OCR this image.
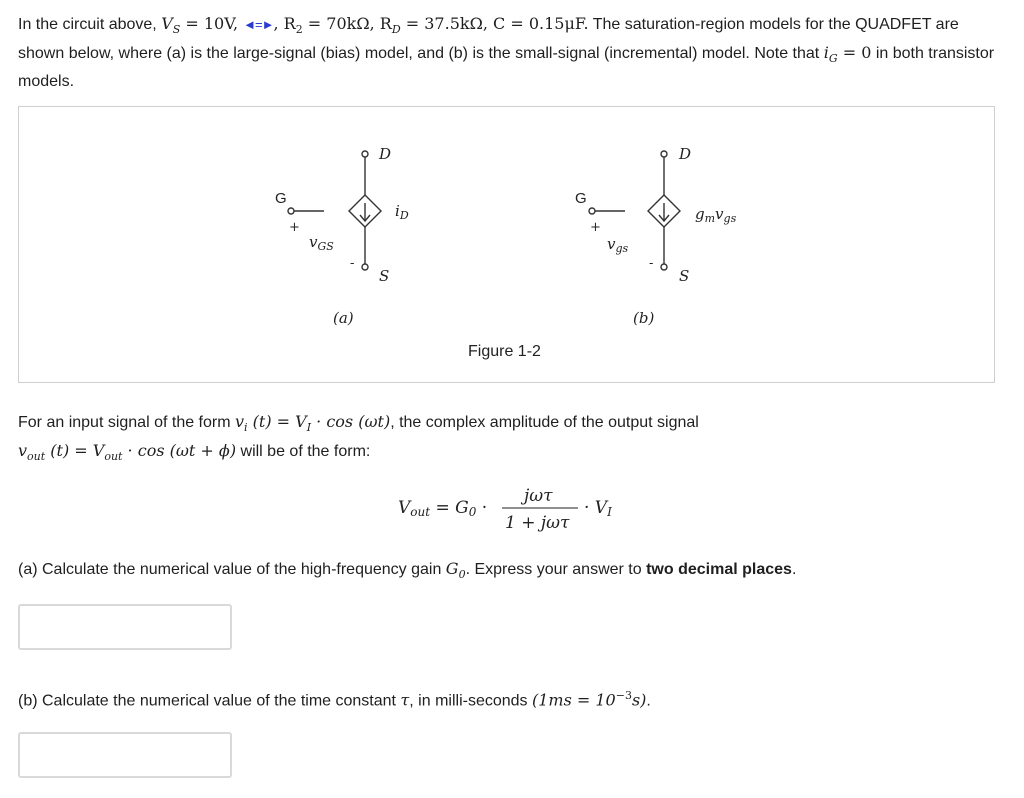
In the circuit above, $V_S = 10V$, ◄=►, $R_2 = 70k\Omega$, $R_D = 37.5k\Omega$, C = 0.15μF. The saturation-region models for the QUADFET are shown below, where (a) is the large-signal (bias) model, and (b) is the small-signal (incremental) model. Note that $i_G = 0$ in both transistor models.
G
+
$v_{GS}$
-
D
$i_D$
S
(a)
G
+
$v_{gs}$
-
D
$g_mv_{gs}$
S
(b)
Figure 1-2
For an input signal of the form $v_i$ $(t) = V_I \cdot \cos (\omega t)$, the complex amplitude of the output signal
$v_{out}$ $(t) = V_{out} \cdot \cos (\omega t + \phi)$ will be of the form:
Vout = G0 ·
jωτ
1 + jωτ
· VI
(a) Calculate the numerical value of the high-frequency gain $G_0$. Express your answer to two decimal places.
(b) Calculate the numerical value of the time constant τ, in milli-seconds $(1ms = 10^{-3}s)$.
